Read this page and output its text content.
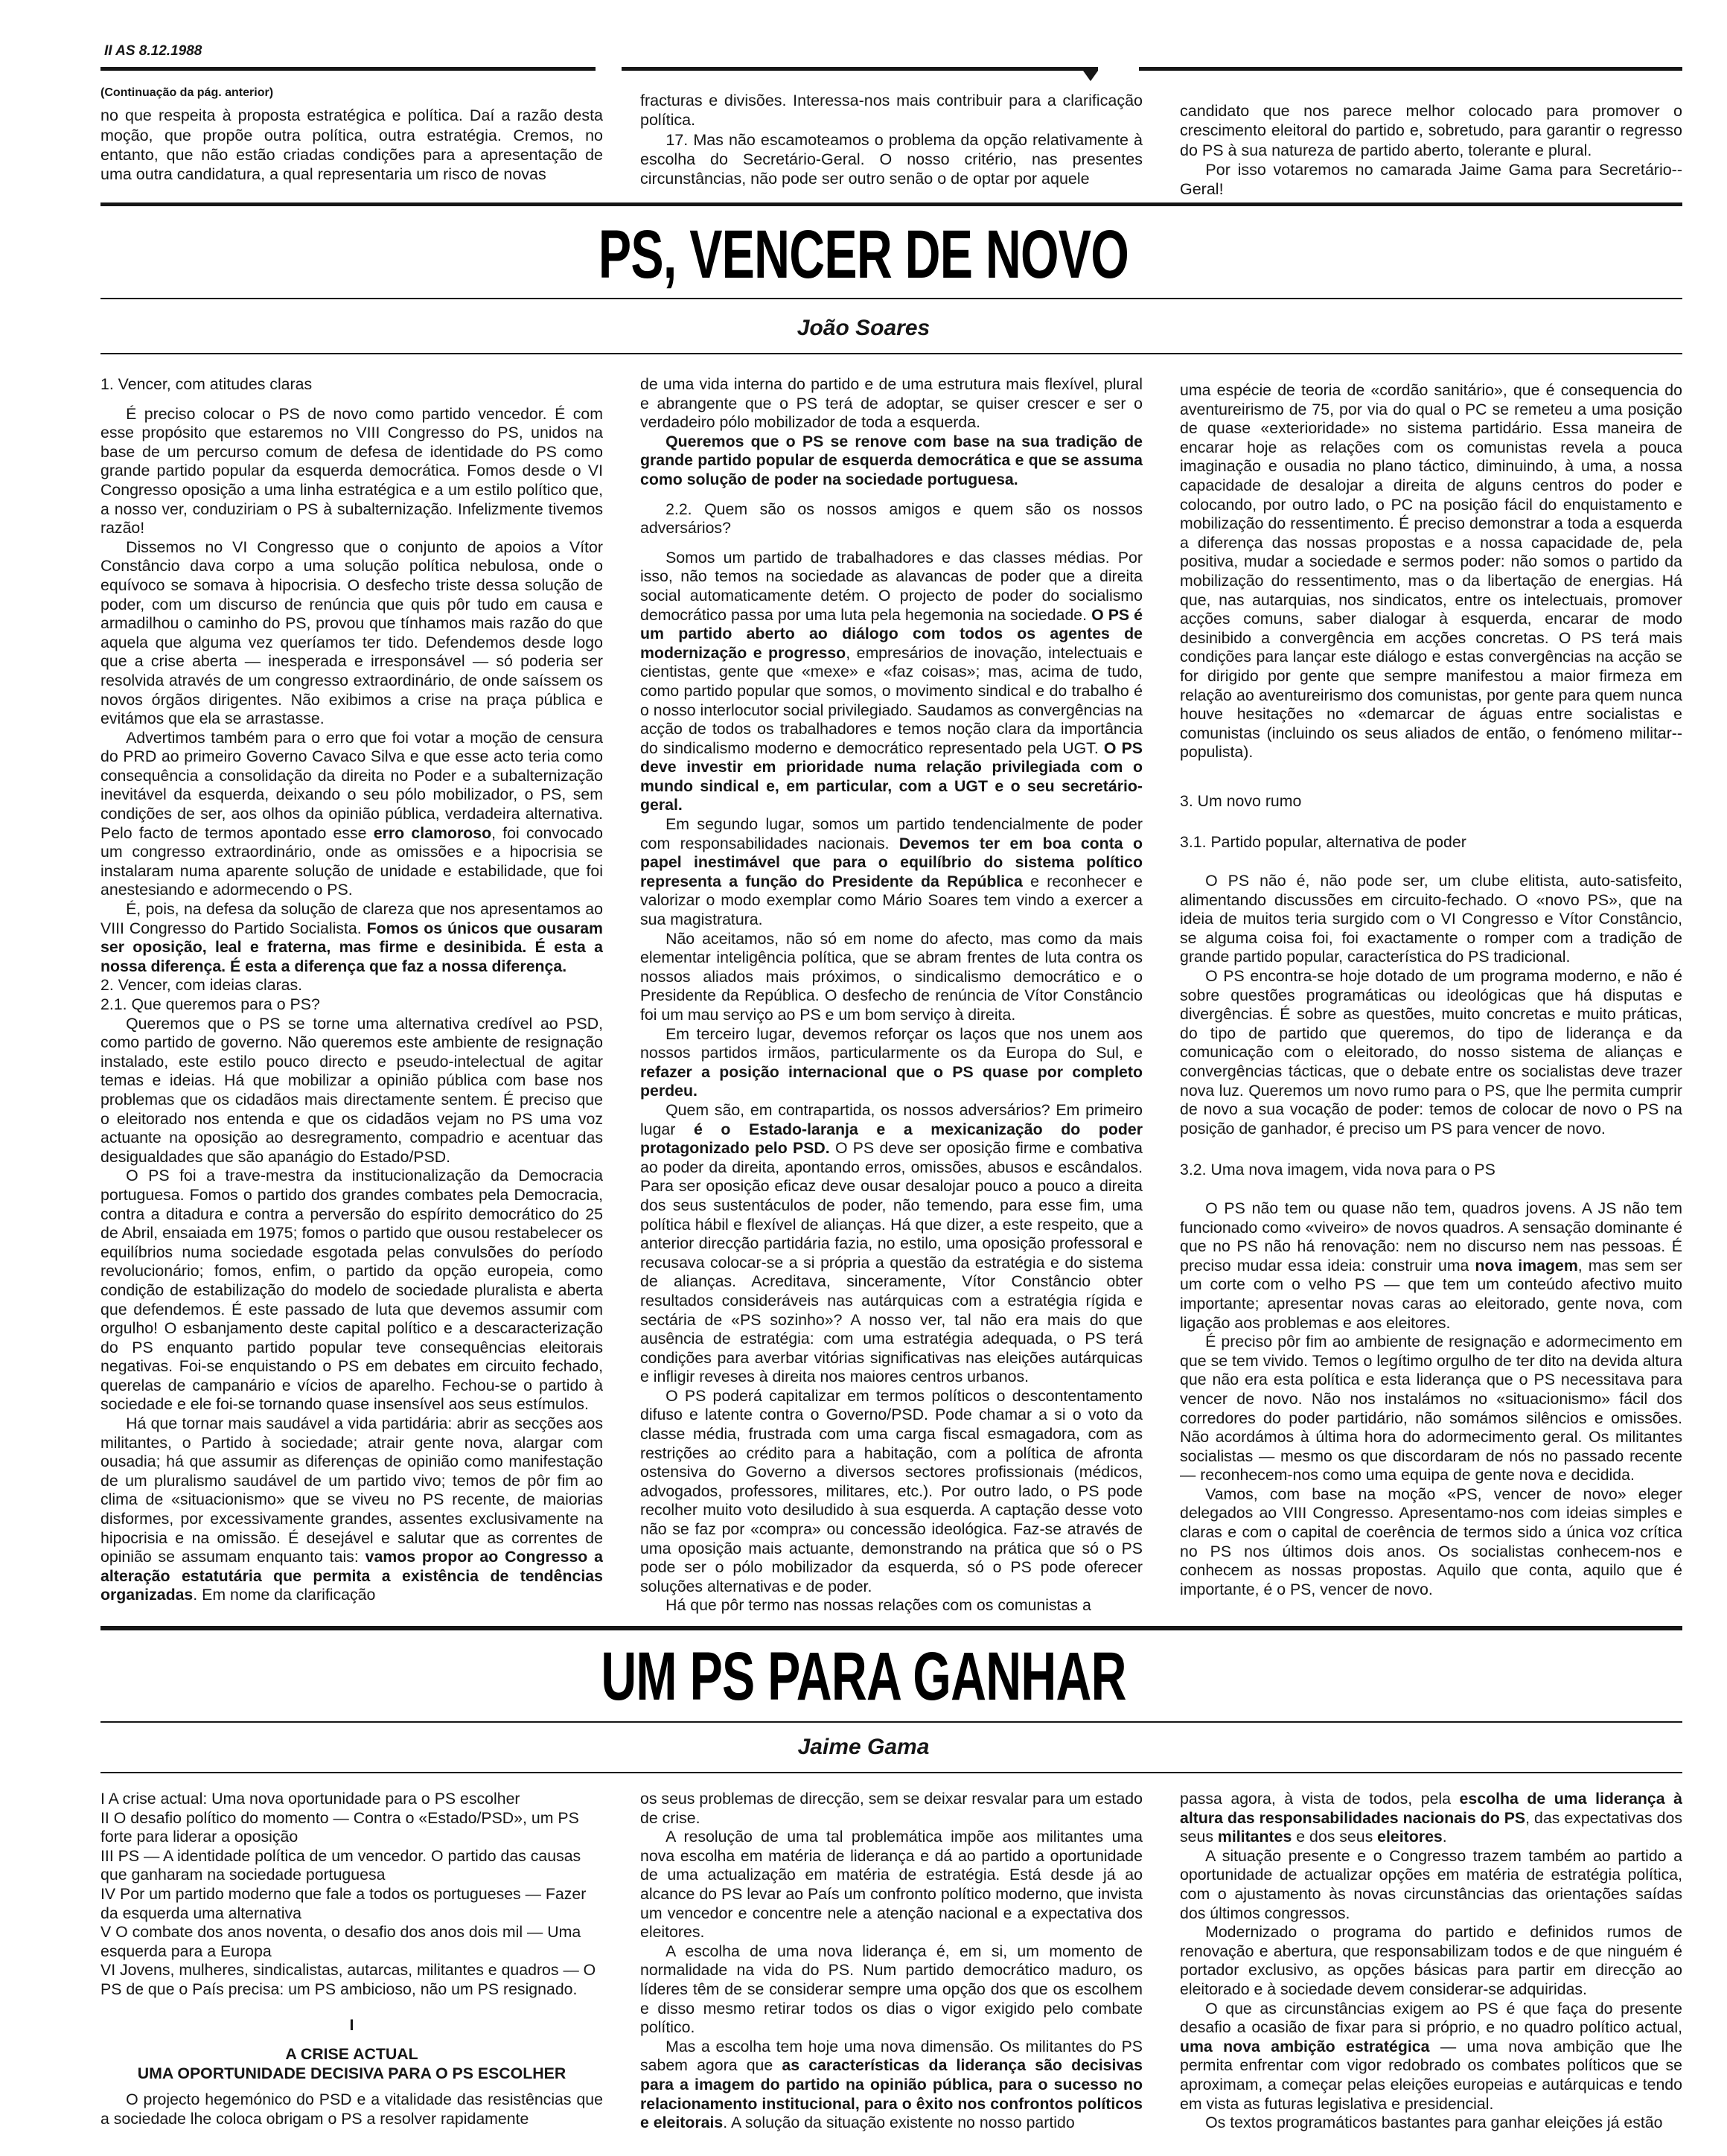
II AS 8.12.1988

(Continuação da pág. anterior)

no que respeita à proposta estratégica e política. Daí a razão desta moção, que propõe outra política, outra estratégia. Cremos, no entanto, que não estão criadas condições para a apresentação de uma outra candidatura, a qual representaria um risco de novas

fracturas e divisões. Interessa-nos mais contribuir para a clarificação política.

17. Mas não escamoteamos o problema da opção relativamente à escolha do Secretário-Geral. O nosso critério, nas presentes circunstâncias, não pode ser outro senão o de optar por aquele

candidato que nos parece melhor colocado para promover o crescimento eleitoral do partido e, sobretudo, para garantir o regresso do PS à sua natureza de partido aberto, tolerante e plural.

Por isso votaremos no camarada Jaime Gama para Secretário--Geral!

PS, VENCER DE NOVO
João Soares

1. Vencer, com atitudes claras

É preciso colocar o PS de novo como partido vencedor. É com esse propósito que estaremos no VIII Congresso do PS, unidos na base de um percurso comum de defesa de identidade do PS como grande partido popular da esquerda democrática. Fomos desde o VI Congresso oposição a uma linha estratégica e a um estilo político que, a nosso ver, conduziriam o PS à subalternização. Infelizmente tivemos razão!

Dissemos no VI Congresso que o conjunto de apoios a Vítor Constâncio dava corpo a uma solução política nebulosa, onde o equívoco se somava à hipocrisia. O desfecho triste dessa solução de poder, com um discurso de renúncia que quis pôr tudo em causa e armadilhou o caminho do PS, provou que tínhamos mais razão do que aquela que alguma vez queríamos ter tido. Defendemos desde logo que a crise aberta — inesperada e irresponsável — só poderia ser resolvida através de um congresso extraordinário, de onde saíssem os novos órgãos dirigentes. Não exibimos a crise na praça pública e evitámos que ela se arrastasse.

Advertimos também para o erro que foi votar a moção de censura do PRD ao primeiro Governo Cavaco Silva e que esse acto teria como consequência a consolidação da direita no Poder e a subalternização inevitável da esquerda, deixando o seu pólo mobilizador, o PS, sem condições de ser, aos olhos da opinião pública, verdadeira alternativa. Pelo facto de termos apontado esse erro clamoroso, foi convocado um congresso extraordinário, onde as omissões e a hipocrisia se instalaram numa aparente solução de unidade e estabilidade, que foi anestesiando e adormecendo o PS.

É, pois, na defesa da solução de clareza que nos apresentamos ao VIII Congresso do Partido Socialista. Fomos os únicos que ousaram ser oposição, leal e fraterna, mas firme e desinibida. É esta a nossa diferença. É esta a diferença que faz a nossa diferença.

2. Vencer, com ideias claras.

2.1. Que queremos para o PS?

Queremos que o PS se torne uma alternativa credível ao PSD, como partido de governo. Não queremos este ambiente de resignação instalado, este estilo pouco directo e pseudo-intelectual de agitar temas e ideias. Há que mobilizar a opinião pública com base nos problemas que os cidadãos mais directamente sentem. É preciso que o eleitorado nos entenda e que os cidadãos vejam no PS uma voz actuante na oposição ao desregramento, compadrio e acentuar das desigualdades que são apanágio do Estado/PSD.

O PS foi a trave-mestra da institucionalização da Democracia portuguesa. Fomos o partido dos grandes combates pela Democracia, contra a ditadura e contra a perversão do espírito democrático do 25 de Abril, ensaiada em 1975; fomos o partido que ousou restabelecer os equilíbrios numa sociedade esgotada pelas convulsões do período revolucionário; fomos, enfim, o partido da opção europeia, como condição de estabilização do modelo de sociedade pluralista e aberta que defendemos. É este passado de luta que devemos assumir com orgulho! O esbanjamento deste capital político e a descaracterização do PS enquanto partido popular teve consequências eleitorais negativas. Foi-se enquistando o PS em debates em circuito fechado, querelas de campanário e vícios de aparelho. Fechou-se o partido à sociedade e ele foi-se tornando quase insensível aos seus estímulos.

Há que tornar mais saudável a vida partidária: abrir as secções aos militantes, o Partido à sociedade; atrair gente nova, alargar com ousadia; há que assumir as diferenças de opinião como manifestação de um pluralismo saudável de um partido vivo; temos de pôr fim ao clima de «situacionismo» que se viveu no PS recente, de maiorias disformes, por excessivamente grandes, assentes exclusivamente na hipocrisia e na omissão. É desejável e salutar que as correntes de opinião se assumam enquanto tais: vamos propor ao Congresso a alteração estatutária que permita a existência de tendências organizadas. Em nome da clarificação

de uma vida interna do partido e de uma estrutura mais flexível, plural e abrangente que o PS terá de adoptar, se quiser crescer e ser o verdadeiro pólo mobilizador de toda a esquerda.

Queremos que o PS se renove com base na sua tradição de grande partido popular de esquerda democrática e que se assuma como solução de poder na sociedade portuguesa.

2.2. Quem são os nossos amigos e quem são os nossos adversários?

Somos um partido de trabalhadores e das classes médias. Por isso, não temos na sociedade as alavancas de poder que a direita social automaticamente detém. O projecto de poder do socialismo democrático passa por uma luta pela hegemonia na sociedade. O PS é um partido aberto ao diálogo com todos os agentes de modernização e progresso, empresários de inovação, intelectuais e cientistas, gente que «mexe» e «faz coisas»; mas, acima de tudo, como partido popular que somos, o movimento sindical e do trabalho é o nosso interlocutor social privilegiado. Saudamos as convergências na acção de todos os trabalhadores e temos noção clara da importância do sindicalismo moderno e democrático representado pela UGT. O PS deve investir em prioridade numa relação privilegiada com o mundo sindical e, em particular, com a UGT e o seu secretário-geral.

Em segundo lugar, somos um partido tendencialmente de poder com responsabilidades nacionais. Devemos ter em boa conta o papel inestimável que para o equilíbrio do sistema político representa a função do Presidente da República e reconhecer e valorizar o modo exemplar como Mário Soares tem vindo a exercer a sua magistratura.

Não aceitamos, não só em nome do afecto, mas como da mais elementar inteligência política, que se abram frentes de luta contra os nossos aliados mais próximos, o sindicalismo democrático e o Presidente da República. O desfecho de renúncia de Vítor Constâncio foi um mau serviço ao PS e um bom serviço à direita.

Em terceiro lugar, devemos reforçar os laços que nos unem aos nossos partidos irmãos, particularmente os da Europa do Sul, e refazer a posição internacional que o PS quase por completo perdeu.

Quem são, em contrapartida, os nossos adversários? Em primeiro lugar é o Estado-laranja e a mexicanização do poder protagonizado pelo PSD. O PS deve ser oposição firme e combativa ao poder da direita, apontando erros, omissões, abusos e escândalos. Para ser oposição eficaz deve ousar desalojar pouco a pouco a direita dos seus sustentáculos de poder, não temendo, para esse fim, uma política hábil e flexível de alianças. Há que dizer, a este respeito, que a anterior direcção partidária fazia, no estilo, uma oposição professoral e recusava colocar-se a si própria a questão da estratégia e do sistema de alianças. Acreditava, sinceramente, Vítor Constâncio obter resultados consideráveis nas autárquicas com a estratégia rígida e sectária de «PS sozinho»? A nosso ver, tal não era mais do que ausência de estratégia: com uma estratégia adequada, o PS terá condições para averbar vitórias significativas nas eleições autárquicas e infligir reveses à direita nos maiores centros urbanos.

O PS poderá capitalizar em termos políticos o descontentamento difuso e latente contra o Governo/PSD. Pode chamar a si o voto da classe média, frustrada com uma carga fiscal esmagadora, com as restrições ao crédito para a habitação, com a política de afronta ostensiva do Governo a diversos sectores profissionais (médicos, advogados, professores, militares, etc.). Por outro lado, o PS pode recolher muito voto desiludido à sua esquerda. A captação desse voto não se faz por «compra» ou concessão ideológica. Faz-se através de uma oposição mais actuante, demonstrando na prática que só o PS pode ser o pólo mobilizador da esquerda, só o PS pode oferecer soluções alternativas e de poder.

Há que pôr termo nas nossas relações com os comunistas a

uma espécie de teoria de «cordão sanitário», que é consequencia do aventureirismo de 75, por via do qual o PC se remeteu a uma posição de quase «exterioridade» no sistema partidário. Essa maneira de encarar hoje as relações com os comunistas revela a pouca imaginação e ousadia no plano táctico, diminuindo, à uma, a nossa capacidade de desalojar a direita de alguns centros do poder e colocando, por outro lado, o PC na posição fácil do enquistamento e mobilização do ressentimento. É preciso demonstrar a toda a esquerda a diferença das nossas propostas e a nossa capacidade de, pela positiva, mudar a sociedade e sermos poder: não somos o partido da mobilização do ressentimento, mas o da libertação de energias. Há que, nas autarquias, nos sindicatos, entre os intelectuais, promover acções comuns, saber dialogar à esquerda, encarar de modo desinibido a convergência em acções concretas. O PS terá mais condições para lançar este diálogo e estas convergências na acção se for dirigido por gente que sempre manifestou a maior firmeza em relação ao aventureirismo dos comunistas, por gente para quem nunca houve hesitações no «demarcar de águas entre socialistas e comunistas (incluindo os seus aliados de então, o fenómeno militar--populista).

3. Um novo rumo

3.1. Partido popular, alternativa de poder

O PS não é, não pode ser, um clube elitista, auto-satisfeito, alimentando discussões em circuito-fechado. O «novo PS», que na ideia de muitos teria surgido com o VI Congresso e Vítor Constâncio, se alguma coisa foi, foi exactamente o romper com a tradição de grande partido popular, característica do PS tradicional.

O PS encontra-se hoje dotado de um programa moderno, e não é sobre questões programáticas ou ideológicas que há disputas e divergências. É sobre as questões, muito concretas e muito práticas, do tipo de partido que queremos, do tipo de liderança e da comunicação com o eleitorado, do nosso sistema de alianças e convergências tácticas, que o debate entre os socialistas deve trazer nova luz. Queremos um novo rumo para o PS, que lhe permita cumprir de novo a sua vocação de poder: temos de colocar de novo o PS na posição de ganhador, é preciso um PS para vencer de novo.

3.2. Uma nova imagem, vida nova para o PS

O PS não tem ou quase não tem, quadros jovens. A JS não tem funcionado como «viveiro» de novos quadros. A sensação dominante é que no PS não há renovação: nem no discurso nem nas pessoas. É preciso mudar essa ideia: construir uma nova imagem, mas sem ser um corte com o velho PS — que tem um conteúdo afectivo muito importante; apresentar novas caras ao eleitorado, gente nova, com ligação aos problemas e aos eleitores.

É preciso pôr fim ao ambiente de resignação e adormecimento em que se tem vivido. Temos o legítimo orgulho de ter dito na devida altura que não era esta política e esta liderança que o PS necessitava para vencer de novo. Não nos instalámos no «situacionismo» fácil dos corredores do poder partidário, não somámos silêncios e omissões. Não acordámos à última hora do adormecimento geral. Os militantes socialistas — mesmo os que discordaram de nós no passado recente — reconhecem-nos como uma equipa de gente nova e decidida.

Vamos, com base na moção «PS, vencer de novo» eleger delegados ao VIII Congresso. Apresentamo-nos com ideias simples e claras e com o capital de coerência de termos sido a única voz crítica no PS nos últimos dois anos. Os socialistas conhecem-nos e conhecem as nossas propostas. Aquilo que conta, aquilo que é importante, é o PS, vencer de novo.

UM PS PARA GANHAR
Jaime Gama

I A crise actual: Uma nova oportunidade para o PS escolher

II O desafio político do momento — Contra o «Estado/PSD», um PS forte para liderar a oposição

III PS — A identidade política de um vencedor. O partido das causas que ganharam na sociedade portuguesa

IV Por um partido moderno que fale a todos os portugueses — Fazer da esquerda uma alternativa

V O combate dos anos noventa, o desafio dos anos dois mil — Uma esquerda para a Europa

VI Jovens, mulheres, sindicalistas, autarcas, militantes e quadros — O PS de que o País precisa: um PS ambicioso, não um PS resignado.

I

A CRISE ACTUAL

UMA OPORTUNIDADE DECISIVA PARA O PS ESCOLHER

O projecto hegemónico do PSD e a vitalidade das resistências que a sociedade lhe coloca obrigam o PS a resolver rapidamente

os seus problemas de direcção, sem se deixar resvalar para um estado de crise.

A resolução de uma tal problemática impõe aos militantes uma nova escolha em matéria de liderança e dá ao partido a oportunidade de uma actualização em matéria de estratégia. Está desde já ao alcance do PS levar ao País um confronto político moderno, que invista um vencedor e concentre nele a atenção nacional e a expectativa dos eleitores.

A escolha de uma nova liderança é, em si, um momento de normalidade na vida do PS. Num partido democrático maduro, os líderes têm de se considerar sempre uma opção dos que os escolhem e disso mesmo retirar todos os dias o vigor exigido pelo combate político.

Mas a escolha tem hoje uma nova dimensão. Os militantes do PS sabem agora que as características da liderança são decisivas para a imagem do partido na opinião pública, para o sucesso no relacionamento institucional, para o êxito nos confrontos políticos e eleitorais. A solução da situação existente no nosso partido

passa agora, à vista de todos, pela escolha de uma liderança à altura das responsabilidades nacionais do PS, das expectativas dos seus militantes e dos seus eleitores.

A situação presente e o Congresso trazem também ao partido a oportunidade de actualizar opções em matéria de estratégia política, com o ajustamento às novas circunstâncias das orientações saídas dos últimos congressos.

Modernizado o programa do partido e definidos rumos de renovação e abertura, que responsabilizam todos e de que ninguém é portador exclusivo, as opções básicas para partir em direcção ao eleitorado e à sociedade devem considerar-se adquiridas.

O que as circunstâncias exigem ao PS é que faça do presente desafio a ocasião de fixar para si próprio, e no quadro político actual, uma nova ambição estratégica — uma nova ambição que lhe permita enfrentar com vigor redobrado os combates políticos que se aproximam, a começar pelas eleições europeias e autárquicas e tendo em vista as futuras legislativa e presidencial.

Os textos programáticos bastantes para ganhar eleições já estão
